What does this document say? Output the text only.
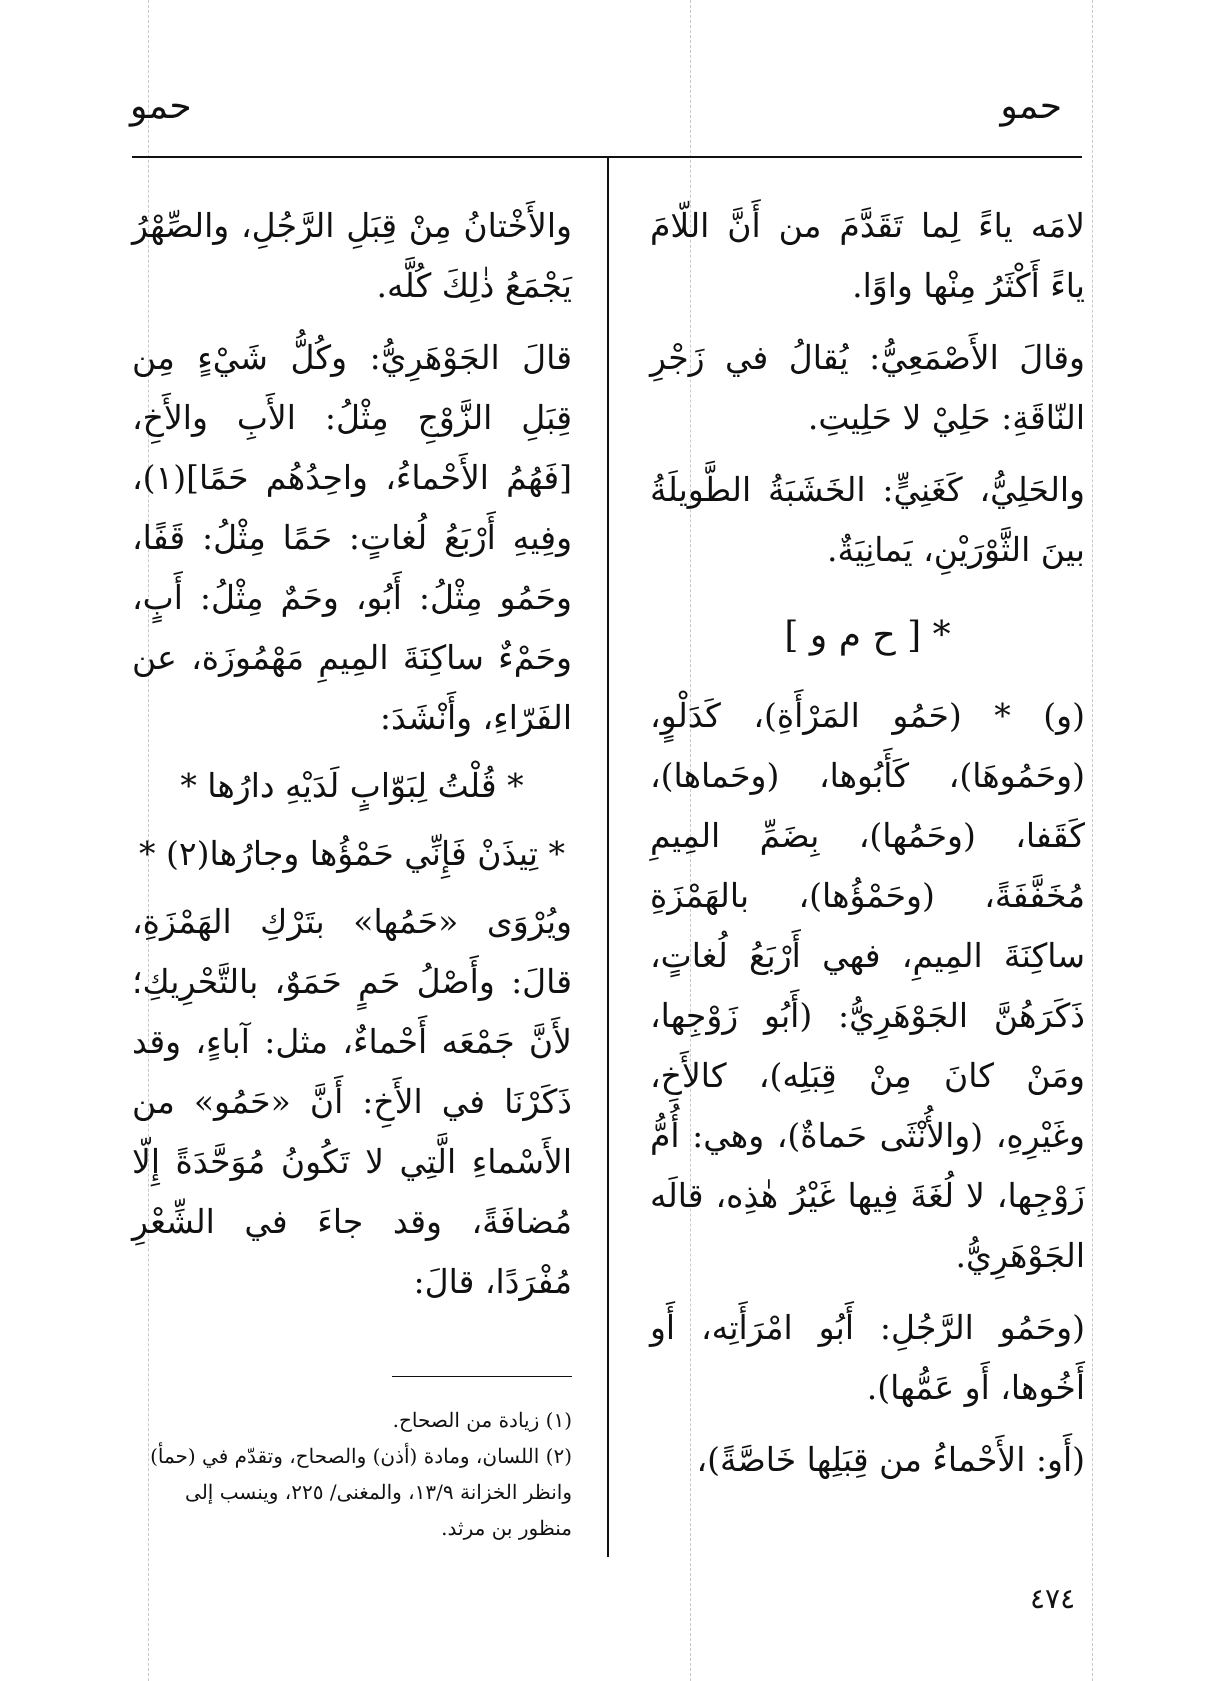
حمو
حمو

لامَه ياءً لِما تَقَدَّمَ من أَنَّ اللّامَ ياءً أَكْثَرُ مِنْها واوًا.

وقالَ الأَصْمَعِيُّ: يُقالُ في زَجْرِ النّاقَةِ: حَلِيْ لا حَلِيتِ.

والحَلِيُّ، كَغَنِيٍّ: الخَشَبَةُ الطَّويلَةُ بينَ الثَّوْرَيْنِ، يَمانِيَةٌ.

* [ ح م و ]

(و) * (حَمُو المَرْأَةِ)، كَدَلْوٍ، (وحَمُوهَا)، كَأَبُوها، (وحَماها)، كَقَفا، (وحَمُها)، بِضَمِّ المِيمِ مُخَفَّفَةً، (وحَمْؤُها)، بالهَمْزَةِ ساكِنَةَ المِيمِ، فهي أَرْبَعُ لُغاتٍ، ذَكَرَهُنَّ الجَوْهَرِيُّ: (أَبُو زَوْجِها، ومَنْ كانَ مِنْ قِبَلِه)، كالأَخِ، وغَيْرِهِ، (والأُنْثَى حَماةٌ)، وهي: أُمُّ زَوْجِها، لا لُغَةَ فِيها غَيْرُ هٰذِه، قالَه الجَوْهَرِيُّ.

(وحَمُو الرَّجُلِ: أَبُو امْرَأَتِه، أَو أَخُوها، أَو عَمُّها).

(أَو: الأَحْماءُ من قِبَلِها خَاصَّةً)،

والأَخْتانُ مِنْ قِبَلِ الرَّجُلِ، والصِّهْرُ يَجْمَعُ ذٰلِكَ كُلَّه.

قالَ الجَوْهَرِيُّ: وكُلُّ شَيْءٍ مِن قِبَلِ الزَّوْجِ مِثْلُ: الأَبِ والأَخِ، [فَهُمُ الأَحْماءُ، واحِدُهُم حَمًا](١)، وفِيهِ أَرْبَعُ لُغاتٍ: حَمًا مِثْلُ: قَفًا، وحَمُو مِثْلُ: أَبُو، وحَمٌ مِثْلُ: أَبٍ، وحَمْءٌ ساكِنَةَ المِيمِ مَهْمُوزَة، عن الفَرّاءِ، وأَنْشَدَ:

* قُلْتُ لِبَوّابٍ لَدَيْهِ دارُها *

* تِيذَنْ فَإِنِّي حَمْؤُها وجارُها(٢) *

ويُرْوَى «حَمُها» بتَرْكِ الهَمْزَةِ، قالَ: وأَصْلُ حَمٍ حَمَوٌ، بالتَّحْرِيكِ؛ لأَنَّ جَمْعَه أَحْماءٌ، مثل: آباءٍ، وقد ذَكَرْنَا في الأَخِ: أَنَّ «حَمُو» من الأَسْماءِ الَّتِي لا تَكُونُ مُوَحَّدَةً إِلّا مُضافَةً، وقد جاءَ في الشِّعْرِ مُفْرَدًا، قالَ:

(١) زيادة من الصحاح.

(٢) اللسان، ومادة (أذن) والصحاح، وتقدّم في (حمأ) وانظر الخزانة ١٣/٩، والمغنى/ ٢٢٥، وينسب إلى منظور بن مرثد.

٤٧٤
